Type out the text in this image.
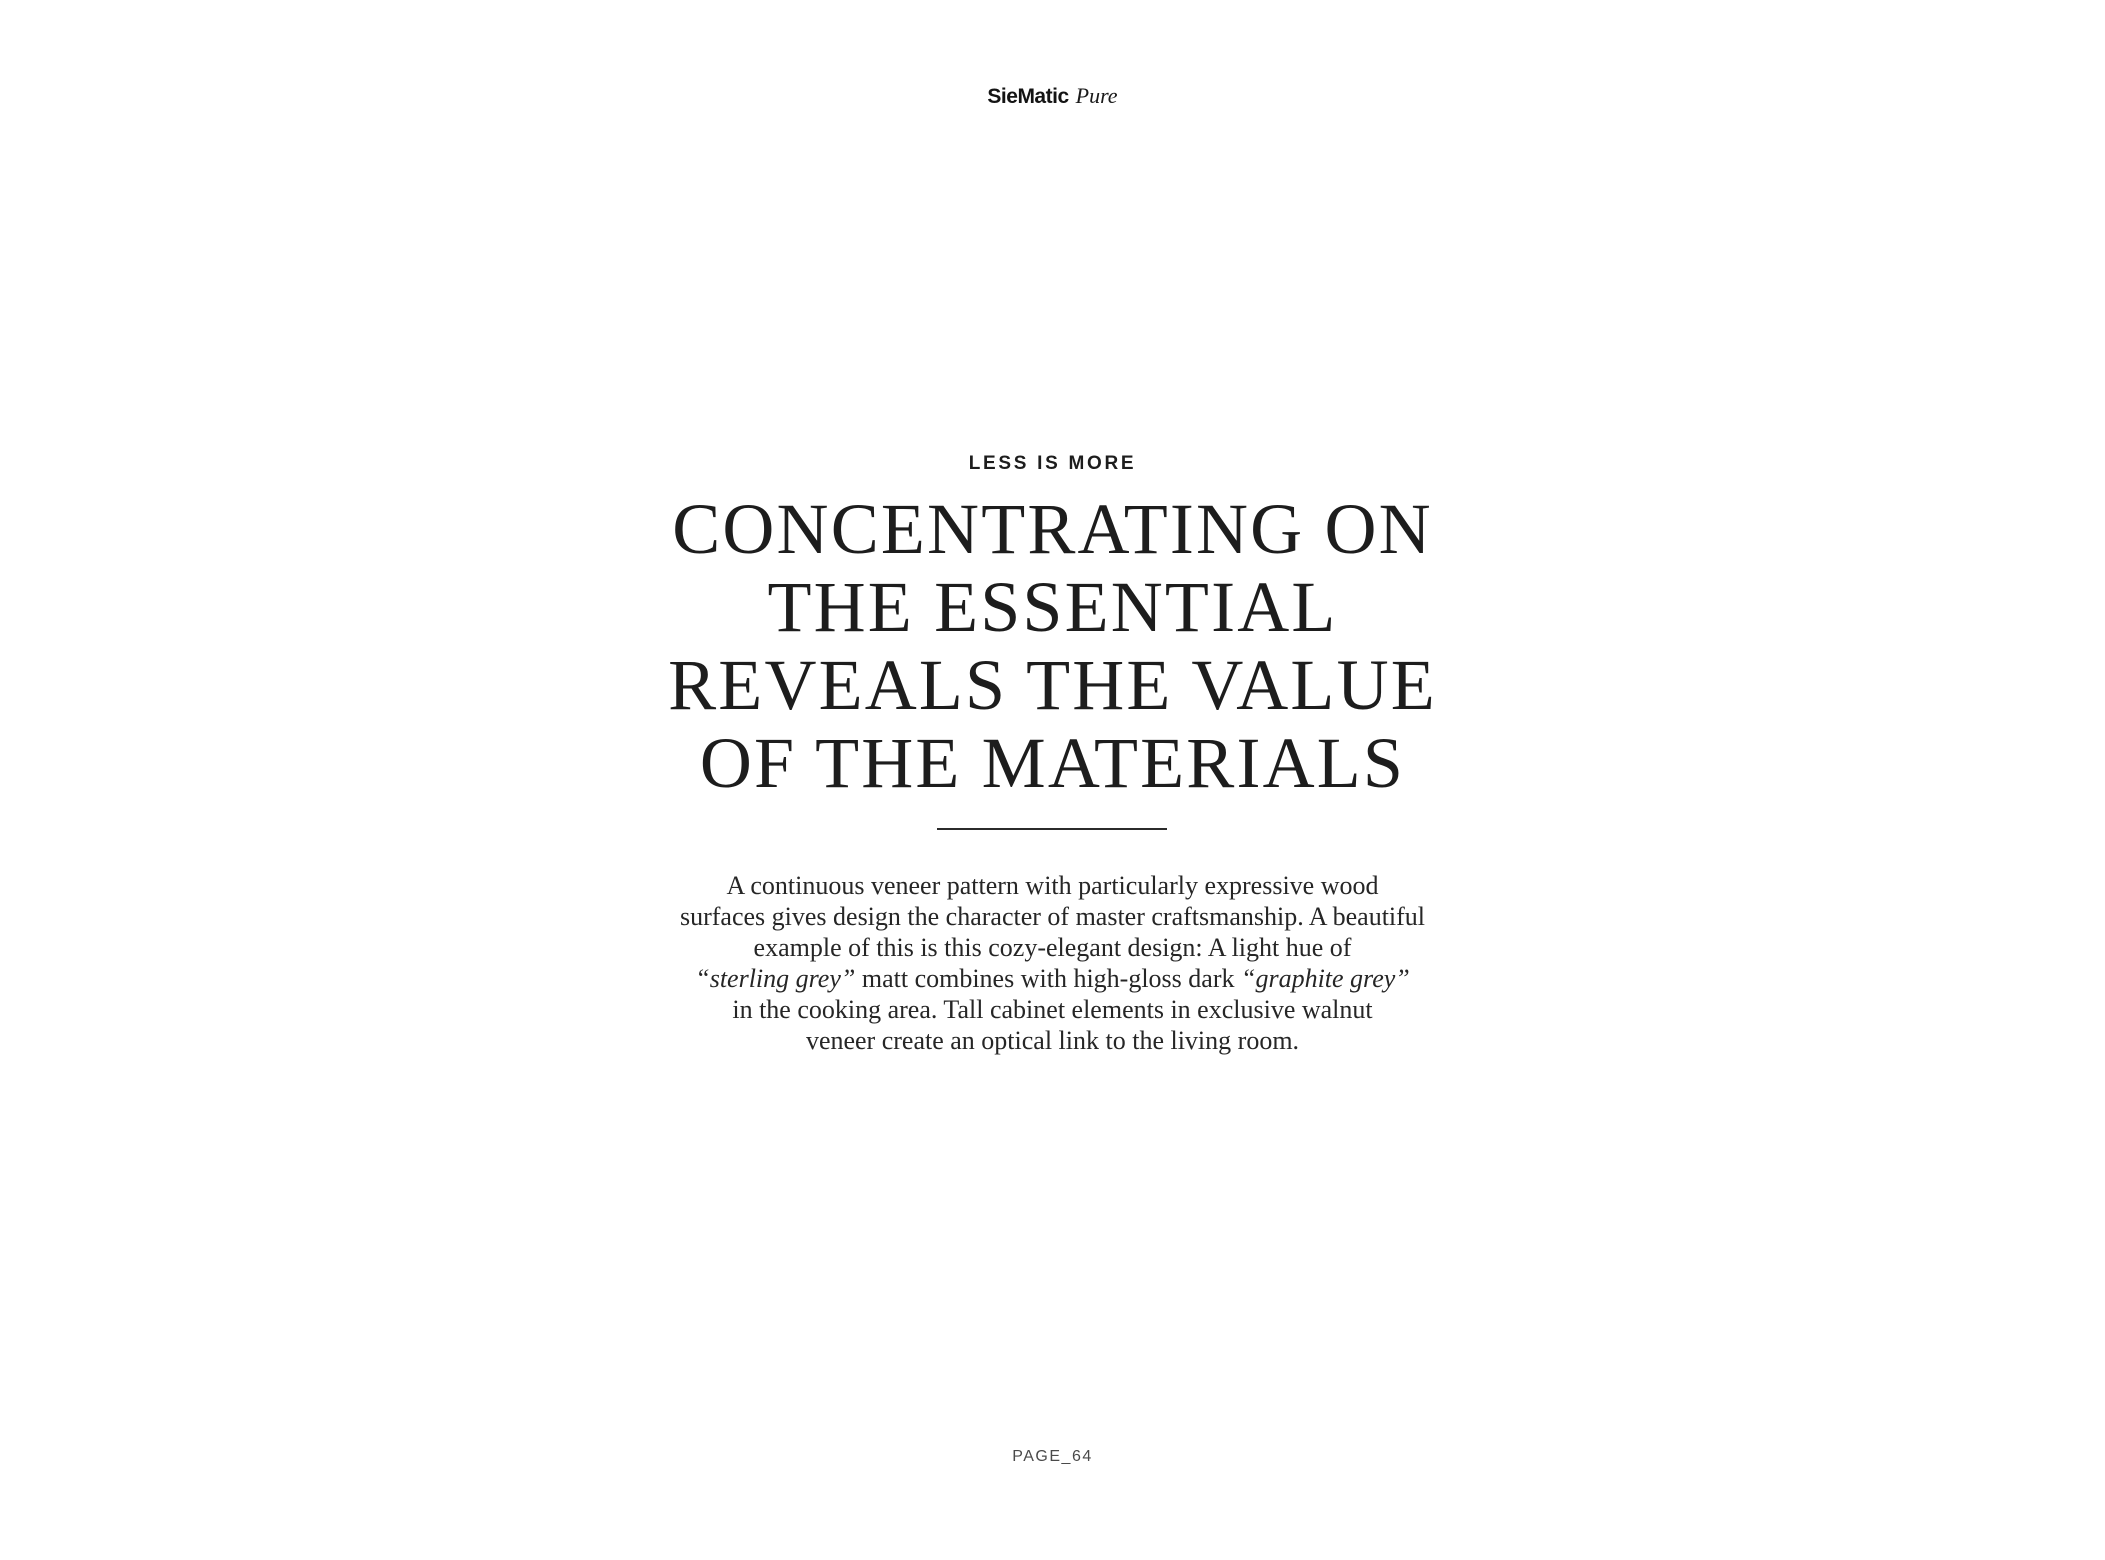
SieMatic Pure
LESS IS MORE
CONCENTRATING ON
THE ESSENTIAL
REVEALS THE VALUE
OF THE MATERIALS

A continuous veneer pattern with particularly expressive wood
surfaces gives design the character of master craftsmanship. A beautiful
example of this is this cozy-elegant design: A light hue of
“sterling grey” matt combines with high-gloss dark “graphite grey”
in the cooking area. Tall cabinet elements in exclusive walnut
veneer create an optical link to the living room.

PAGE_64
